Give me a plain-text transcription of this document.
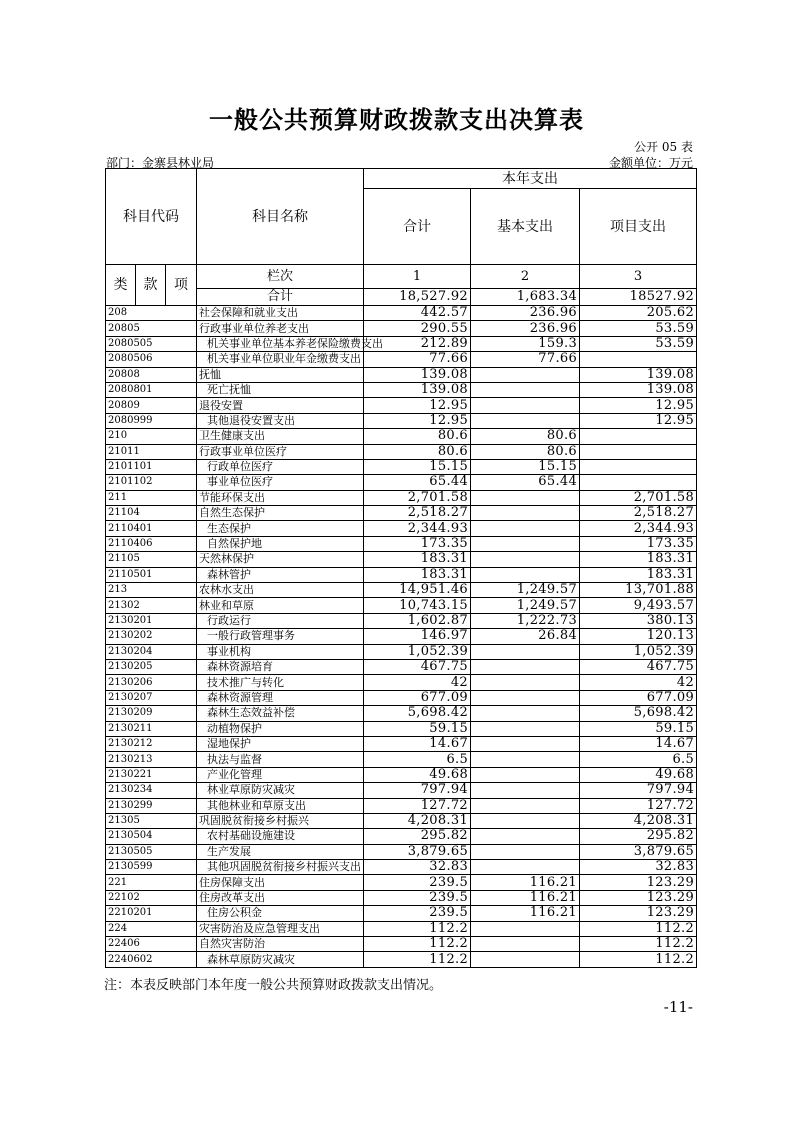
一般公共预算财政拨款支出决算表
公开 05 表
部门：金寨县林业局	金额单位：万元
科目代码			科目名称	本年支出		
				合计	基本支出	项目支出

类	款	项	栏次	1	2	3
			合计	18,527.92	1,683.34	18527.92
208			社会保障和就业支出	442.57	236.96	205.62
20805			行政事业单位养老支出	290.55	236.96	53.59
2080505			机关事业单位基本养老保险缴费支出	212.89	159.3	53.59
2080506			机关事业单位职业年金缴费支出	77.66	77.66	
20808			抚恤	139.08		139.08
2080801			死亡抚恤	139.08		139.08
20809			退役安置	12.95		12.95
2080999			其他退役安置支出	12.95		12.95
210			卫生健康支出	80.6	80.6	
21011			行政事业单位医疗	80.6	80.6	
2101101			行政单位医疗	15.15	15.15	
2101102			事业单位医疗	65.44	65.44	
211			节能环保支出	2,701.58		2,701.58
21104			自然生态保护	2,518.27		2,518.27
2110401			生态保护	2,344.93		2,344.93
2110406			自然保护地	173.35		173.35
21105			天然林保护	183.31		183.31
2110501			森林管护	183.31		183.31
213			农林水支出	14,951.46	1,249.57	13,701.88
21302			林业和草原	10,743.15	1,249.57	9,493.57
2130201			行政运行	1,602.87	1,222.73	380.13
2130202			一般行政管理事务	146.97	26.84	120.13
2130204			事业机构	1,052.39		1,052.39
2130205			森林资源培育	467.75		467.75
2130206			技术推广与转化	42		42
2130207			森林资源管理	677.09		677.09
2130209			森林生态效益补偿	5,698.42		5,698.42
2130211			动植物保护	59.15		59.15
2130212			湿地保护	14.67		14.67
2130213			执法与监督	6.5		6.5
2130221			产业化管理	49.68		49.68
2130234			林业草原防灾减灾	797.94		797.94
2130299			其他林业和草原支出	127.72		127.72
21305			巩固脱贫衔接乡村振兴	4,208.31		4,208.31
2130504			农村基础设施建设	295.82		295.82
2130505			生产发展	3,879.65		3,879.65
2130599			其他巩固脱贫衔接乡村振兴支出	32.83		32.83
221			住房保障支出	239.5	116.21	123.29
22102			住房改革支出	239.5	116.21	123.29
2210201			住房公积金	239.5	116.21	123.29
224			灾害防治及应急管理支出	112.2		112.2
22406			自然灾害防治	112.2		112.2
2240602			森林草原防灾减灾	112.2		112.2
注：本表反映部门本年度一般公共预算财政拨款支出情况。
-11-
